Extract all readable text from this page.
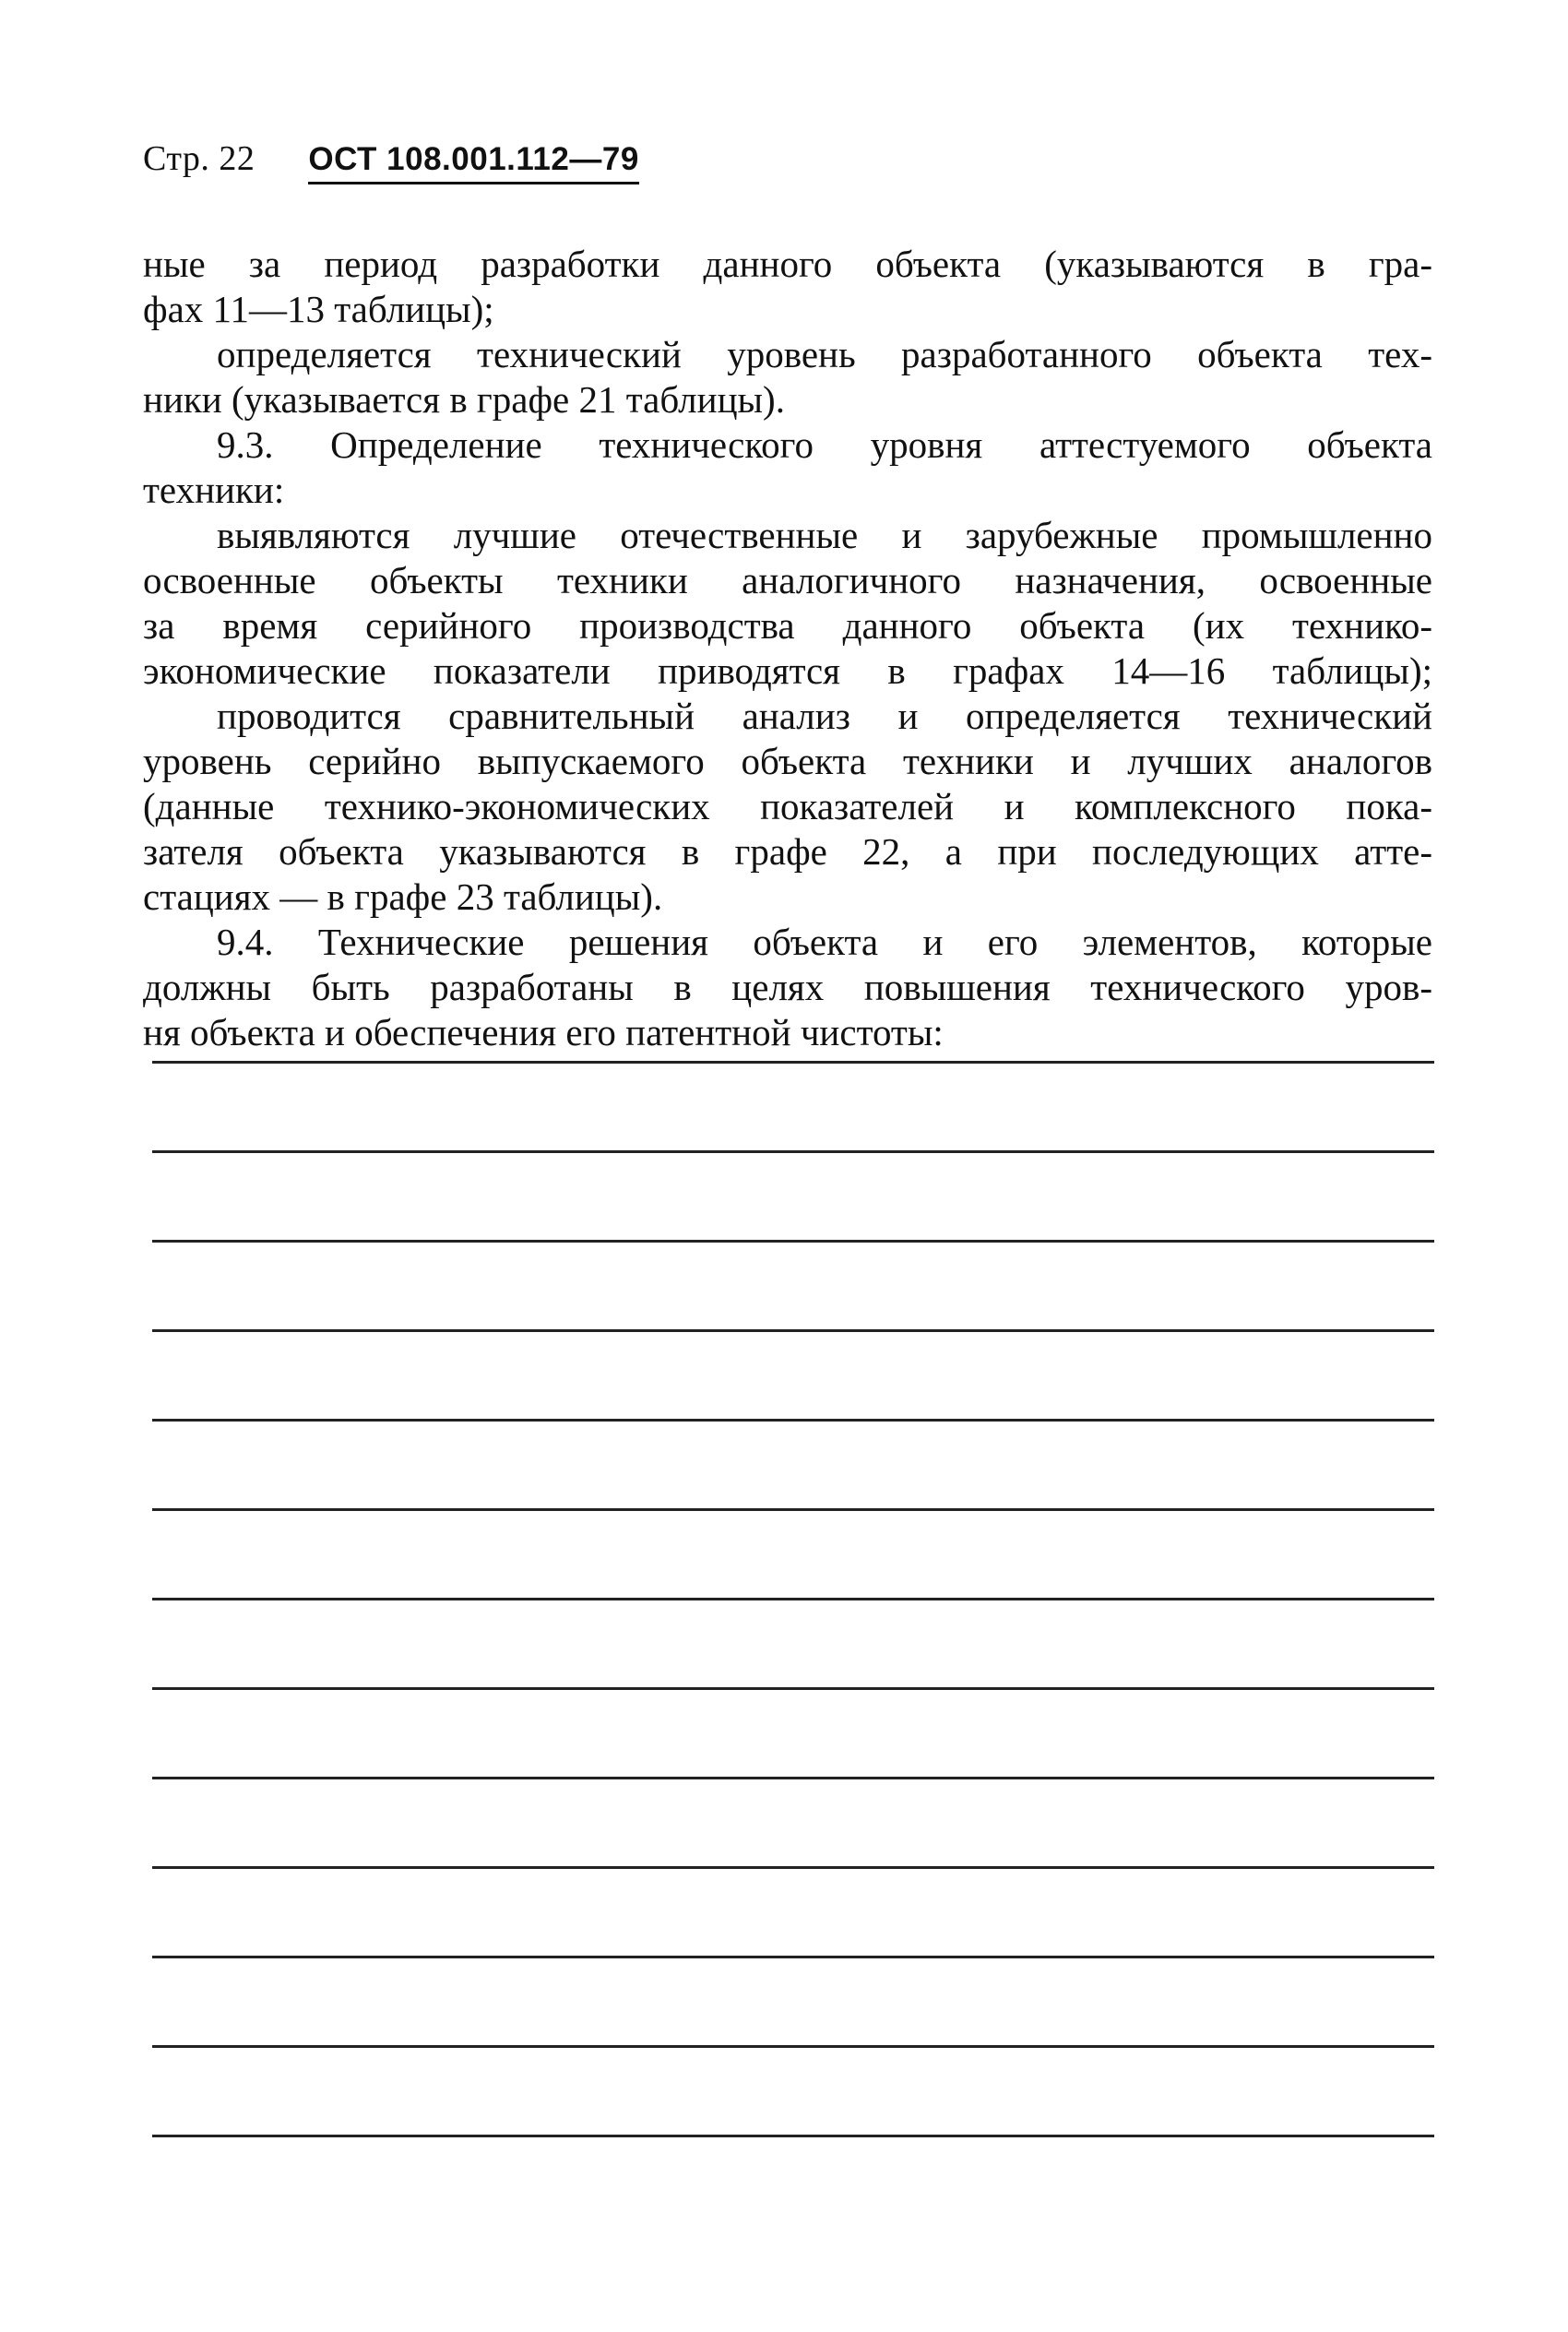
Стр. 22 ОСТ 108.001.112—79
ные за период разработки данного объекта (указываются в гра-
фах 11—13 таблицы);
определяется технический уровень разработанного объекта тех-
ники (указывается в графе 21 таблицы).
9.3. Определение технического уровня аттестуемого объекта
техники:
выявляются лучшие отечественные и зарубежные промышленно
освоенные объекты техники аналогичного назначения, освоенные
за время серийного производства данного объекта (их технико-
экономические показатели приводятся в графах 14—16 таблицы);
проводится сравнительный анализ и определяется технический
уровень серийно выпускаемого объекта техники и лучших аналогов
(данные технико-экономических показателей и комплексного пока-
зателя объекта указываются в графе 22, а при последующих атте-
стациях — в графе 23 таблицы).
9.4. Технические решения объекта и его элементов, которые
должны быть разработаны в целях повышения технического уров-
ня объекта и обеспечения его патентной чистоты:
